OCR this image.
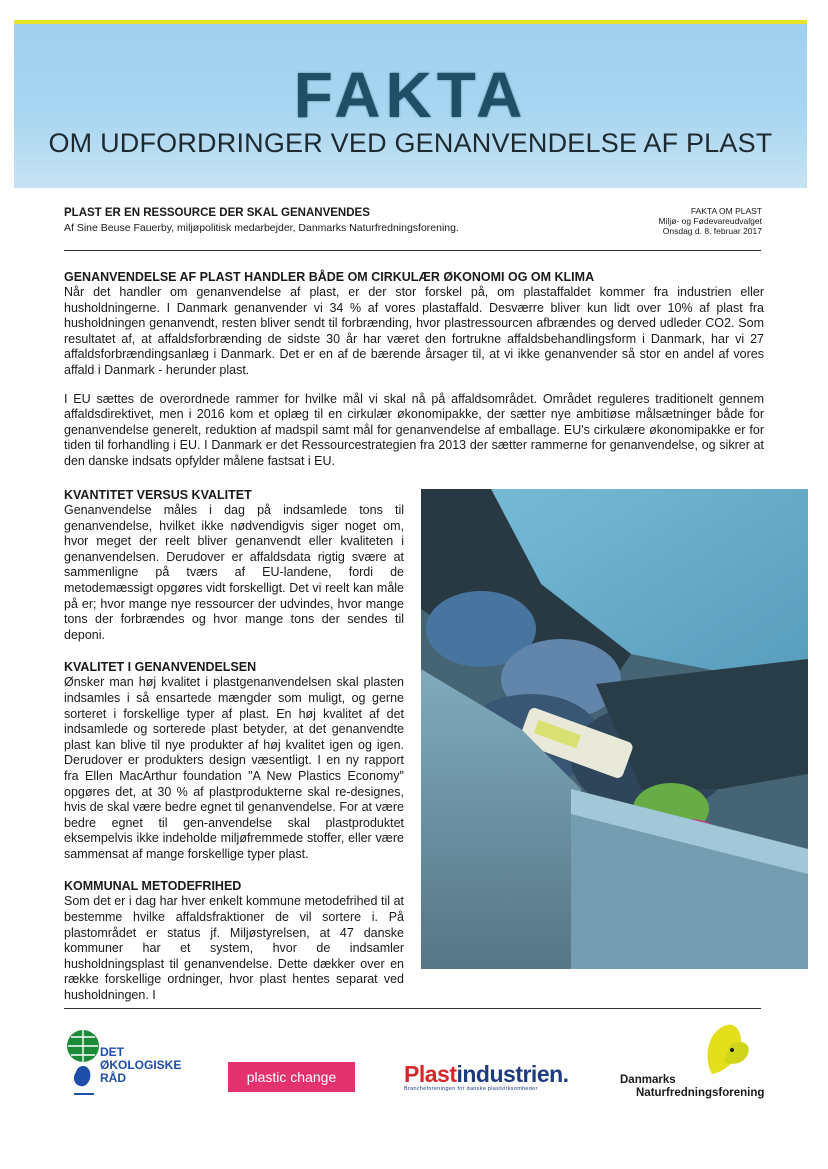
FAKTA
OM UDFORDRINGER VED GENANVENDELSE AF PLAST
PLAST ER EN RESSOURCE DER SKAL GENANVENDES
Af Sine Beuse Fauerby, miljøpolitisk medarbejder, Danmarks Naturfredningsforening.
FAKTA OM PLAST
Miljø- og Fødevareudvalget
Onsdag d. 8. februar 2017
GENANVENDELSE AF PLAST HANDLER BÅDE OM CIRKULÆR ØKONOMI OG OM KLIMA

Når det handler om genanvendelse af plast, er der stor forskel på, om plastaffaldet kommer fra industrien eller husholdningerne. I Danmark genanvender vi 34 % af vores plastaffald. Desværre bliver kun lidt over 10% af plast fra husholdningen genanvendt, resten bliver sendt til forbrænding, hvor plastressourcen afbrændes og derved udleder CO2. Som resultatet af, at affaldsforbrænding de sidste 30 år har været den fortrukne affaldsbehandlingsform i Danmark, har vi 27 affaldsforbrændingsanlæg i Danmark. Det er en af de bærende årsager til, at vi ikke genanvender så stor en andel af vores affald i Danmark - herunder plast.

I EU sættes de overordnede rammer for hvilke mål vi skal nå på affaldsområdet. Området reguleres traditionelt gennem affaldsdirektivet, men i 2016 kom et oplæg til en cirkulær økonomipakke, der sætter nye ambitiøse målsætninger både for genanvendelse generelt, reduktion af madspil samt mål for genanvendelse af emballage. EU's cirkulære økonomipakke er for tiden til forhandling i EU. I Danmark er det Ressourcestrategien fra 2013 der sætter rammerne for genanvendelse, og sikrer at den danske indsats opfylder målene fastsat i EU.

KVANTITET VERSUS KVALITET

Genanvendelse måles i dag på indsamlede tons til genanvendelse, hvilket ikke nødvendigvis siger noget om, hvor meget der reelt bliver genanvendt eller kvaliteten i genanvendelsen. Derudover er affaldsdata rigtig svære at sammenligne på tværs af EU-landene, fordi de metodemæssigt opgøres vidt forskelligt. Det vi reelt kan måle på er; hvor mange nye ressourcer der udvindes, hvor mange tons der forbrændes og hvor mange tons der sendes til deponi.

KVALITET I GENANVENDELSEN

Ønsker man høj kvalitet i plastgenanvendelsen skal plasten indsamles i så ensartede mængder som muligt, og gerne sorteret i forskellige typer af plast. En høj kvalitet af det indsamlede og sorterede plast betyder, at det genanvendte plast kan blive til nye produkter af høj kvalitet igen og igen. Derudover er produkters design væsentligt. I en ny rapport fra Ellen MacArthur foundation "A New Plastics Economy" opgøres det, at 30 % af plastprodukterne skal re-designes, hvis de skal være bedre egnet til genanvendelse. For at være bedre egnet til gen-anvendelse skal plastproduktet eksempelvis ikke indeholde miljøfremmede stoffer, eller være sammensat af mange forskellige typer plast.

KOMMUNAL METODEFRIHED

Som det er i dag har hver enkelt kommune metodefrihed til at bestemme hvilke affaldsfraktioner de vil sortere i. På plastområdet er status jf. Miljøstyrelsen, at 47 danske kommuner har et system, hvor de indsamler husholdningsplast til genanvendelse. Dette dækker over en række forskellige ordninger, hvor plast hentes separat ved husholdningen. I

DET
ØKOLOGISKE
RÅD	plastic change	Plastindustrien.
Brancheforeningen for danske plastvirksomheder
Danmarks
Naturfredningsforening
